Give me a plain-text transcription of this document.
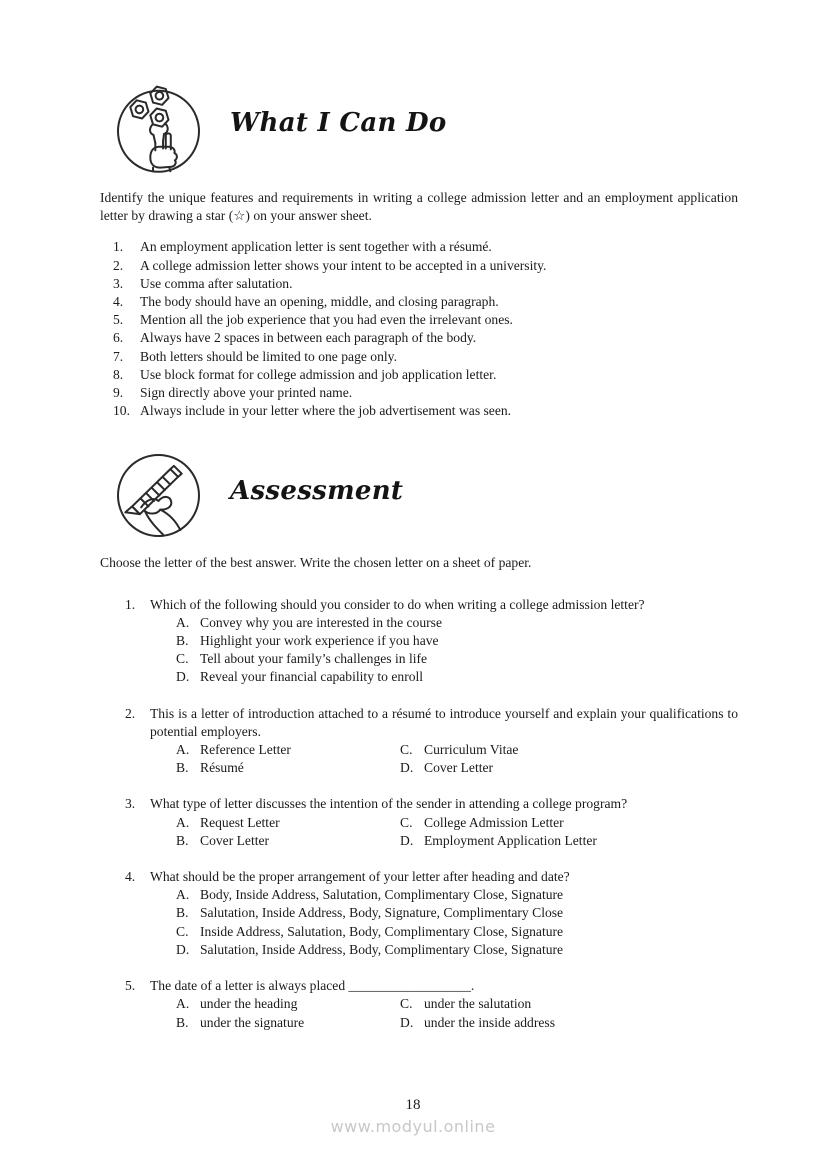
What I Can Do

Identify the unique features and requirements in writing a college admission letter and an employment application letter by drawing a star (☆) on your answer sheet.

1.	An employment application letter is sent together with a résumé.
2.	A college admission letter shows your intent to be accepted in a university.
3.	Use comma after salutation.
4.	The body should have an opening, middle, and closing paragraph.
5.	Mention all the job experience that you had even the irrelevant ones.
6.	Always have 2 spaces in between each paragraph of the body.
7.	Both letters should be limited to one page only.
8.	Use block format for college admission and job application letter.
9.	Sign directly above your printed name.
10. Always include in your letter where the job advertisement was seen.
Assessment

Choose the letter of the best answer. Write the chosen letter on a sheet of paper.

1.	Which of the following should you consider to do when writing a college admission letter?
A. Convey why you are interested in the course
B. Highlight your work experience if you have
C. Tell about your family’s challenges in life
D. Reveal your financial capability to enroll
2.	This is a letter of introduction attached to a résumé to introduce yourself and explain your qualifications to potential employers.
A. Reference Letter
B. Résumé
C. Curriculum Vitae
D. Cover Letter
3.	What type of letter discusses the intention of the sender in attending a college program?
A. Request Letter
B. Cover Letter
C. College Admission Letter
D. Employment Application Letter
4.	What should be the proper arrangement of your letter after heading and date?
A. Body, Inside Address, Salutation, Complimentary Close, Signature
B. Salutation, Inside Address, Body, Signature, Complimentary Close
C. Inside Address, Salutation, Body, Complimentary Close, Signature
D. Salutation, Inside Address, Body, Complimentary Close, Signature
5.	The date of a letter is always placed __________________.
A. under the heading
B. under the signature
C. under the salutation
D. under the inside address
18
www.modyul.online
